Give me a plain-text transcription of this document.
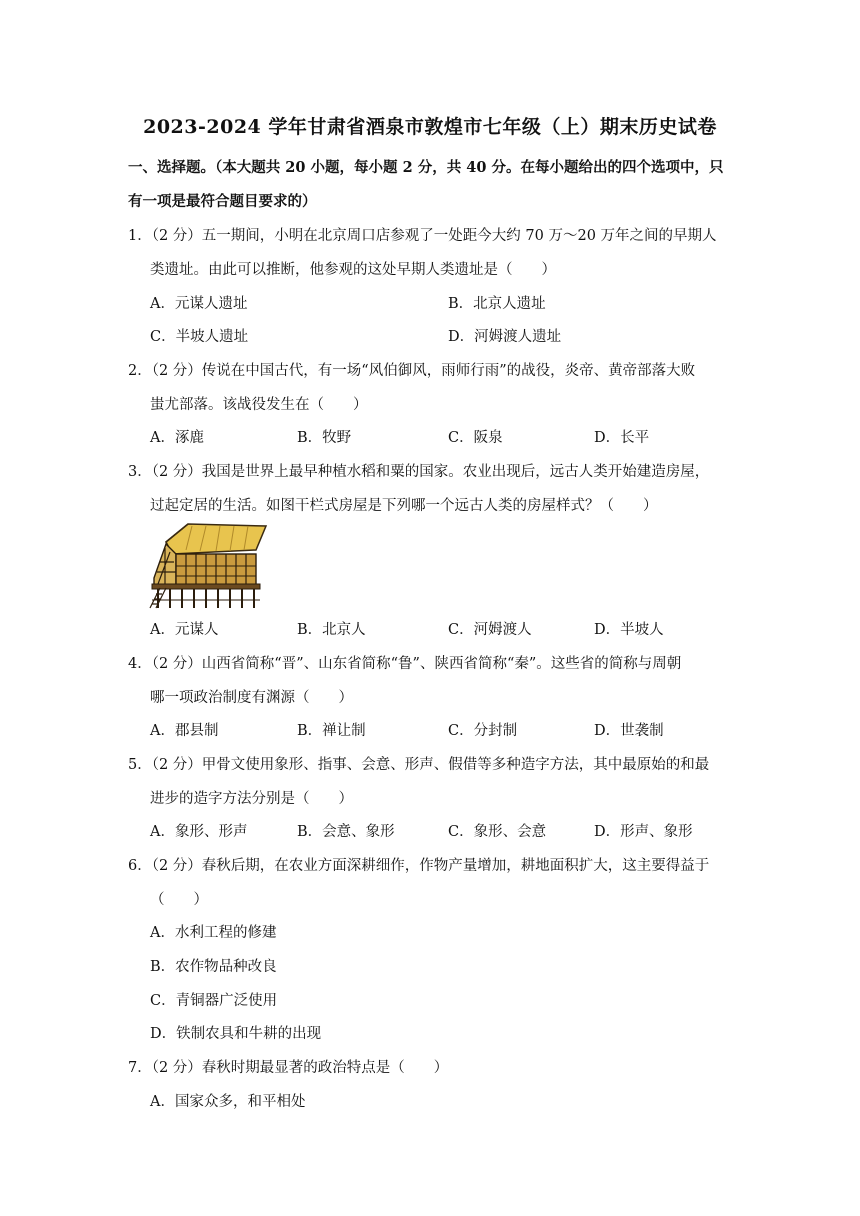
2023-2024 学年甘肃省酒泉市敦煌市七年级（上）期末历史试卷
一、选择题。（本大题共 20 小题，每小题 2 分，共 40 分。在每小题给出的四个选项中，只
有一项是最符合题目要求的）
1．（2 分）五一期间，小明在北京周口店参观了一处距今大约 70 万～20 万年之间的早期人
类遗址。由此可以推断，他参观的这处早期人类遗址是（　　）
A．元谋人遗址	B．北京人遗址
C．半坡人遗址	D．河姆渡人遗址
2．（2 分）传说在中国古代，有一场“风伯御风，雨师行雨”的战役，炎帝、黄帝部落大败
蚩尤部落。该战役发生在（　　）
A．涿鹿	B．牧野	C．阪泉	D．长平
3．（2 分）我国是世界上最早种植水稻和粟的国家。农业出现后，远古人类开始建造房屋，
过起定居的生活。如图干栏式房屋是下列哪一个远古人类的房屋样式？（　　）
A．元谋人	B．北京人	C．河姆渡人	D．半坡人
4．（2 分）山西省简称“晋”、山东省简称“鲁”、陕西省简称“秦”。这些省的简称与周朝
哪一项政治制度有渊源（　　）
A．郡县制	B．禅让制	C．分封制	D．世袭制
5．（2 分）甲骨文使用象形、指事、会意、形声、假借等多种造字方法，其中最原始的和最
进步的造字方法分别是（　　）
A．象形、形声	B．会意、象形	C．象形、会意	D．形声、象形
6．（2 分）春秋后期，在农业方面深耕细作，作物产量增加，耕地面积扩大，这主要得益于
（　　）
A．水利工程的修建
B．农作物品种改良
C．青铜器广泛使用
D．铁制农具和牛耕的出现
7．（2 分）春秋时期最显著的政治特点是（　　）
A．国家众多，和平相处
